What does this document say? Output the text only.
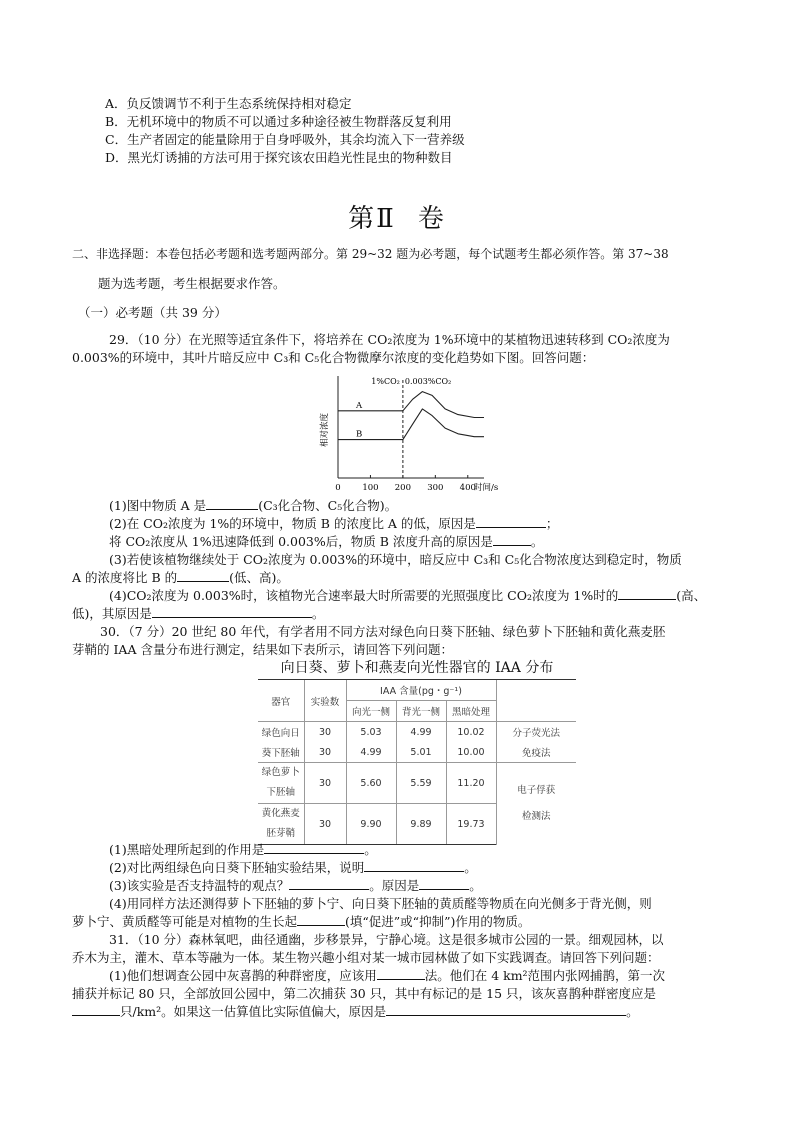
A．负反馈调节不利于生态系统保持相对稳定
B．无机环境中的物质不可以通过多种途径被生物群落反复利用
C．生产者固定的能量除用于自身呼吸外，其余均流入下一营养级
D．黑光灯诱捕的方法可用于探究该农田趋光性昆虫的物种数目
第Ⅱ 卷
二、非选择题：本卷包括必考题和选考题两部分。第 29~32 题为必考题，每个试题考生都必须作答。第 37~38
题为选考题，考生根据要求作答。
（一）必考题（共 39 分）
29．（10 分）在光照等适宜条件下，将培养在 CO₂浓度为 1%环境中的某植物迅速转移到 CO₂浓度为
0.003%的环境中，其叶片暗反应中 C₃和 C₅化合物微摩尔浓度的变化趋势如下图。回答问题：
0	100 200 300 400
时间/s
相对浓度
1%CO₂ 0.003%CO₂
A
B
(1)图中物质 A 是	(C₃化合物、C₅化合物)。
(2)在 CO₂浓度为 1%的环境中，物质 B 的浓度比 A 的低，原因是	；
将 CO₂浓度从 1%迅速降低到 0.003%后，物质 B 浓度升高的原因是	。
(3)若使该植物继续处于 CO₂浓度为 0.003%的环境中，暗反应中 C₃和 C₅化合物浓度达到稳定时，物质
A 的浓度将比 B 的	(低、高)。
(4)CO₂浓度为 0.003%时，该植物光合速率最大时所需要的光照强度比 CO₂浓度为 1%时的	(高、
低)，其原因是	。
30．（7 分）20 世纪 80 年代，有学者用不同方法对绿色向日葵下胚轴、绿色萝卜下胚轴和黄化燕麦胚
芽鞘的 IAA 含量分布进行测定，结果如下表所示，请回答下列问题：
向日葵、萝卜和燕麦向光性器官的 IAA 分布
器官	实验数	IAA 含量(pg・g⁻¹)			
		向光一侧	背光一侧	黑暗处理	
绿色向日	30	5.03	4.99	10.02	分子荧光法
葵下胚轴	30	4.99	5.01	10.00	免疫法
绿色萝卜
下胚轴	30	5.60	5.59	11.20	电子俘获
检测法
黄化燕麦
胚芽鞘	30	9.90	9.89	19.73	
(1)黑暗处理所起到的作用是	。
(2)对比两组绿色向日葵下胚轴实验结果，说明	。
(3)该实验是否支持温特的观点？	。原因是	。
(4)用同样方法还测得萝卜下胚轴的萝卜宁、向日葵下胚轴的黄质醛等物质在向光侧多于背光侧，则
萝卜宁、黄质醛等可能是对植物的生长起	(填“促进”或“抑制”)作用的物质。
31．（10 分）森林氧吧，曲径通幽，步移景异，宁静心境。这是很多城市公园的一景。细观园林，以
乔木为主，灌木、草本等融为一体。某生物兴趣小组对某一城市园林做了如下实践调查。请回答下列问题：
(1)他们想调查公园中灰喜鹊的种群密度，应该用	法。他们在 4 km²范围内张网捕鹊，第一次
捕获并标记 80 只，全部放回公园中，第二次捕获 30 只，其中有标记的是 15 只，该灰喜鹊种群密度应是
只/km²。如果这一估算值比实际值偏大，原因是	。
